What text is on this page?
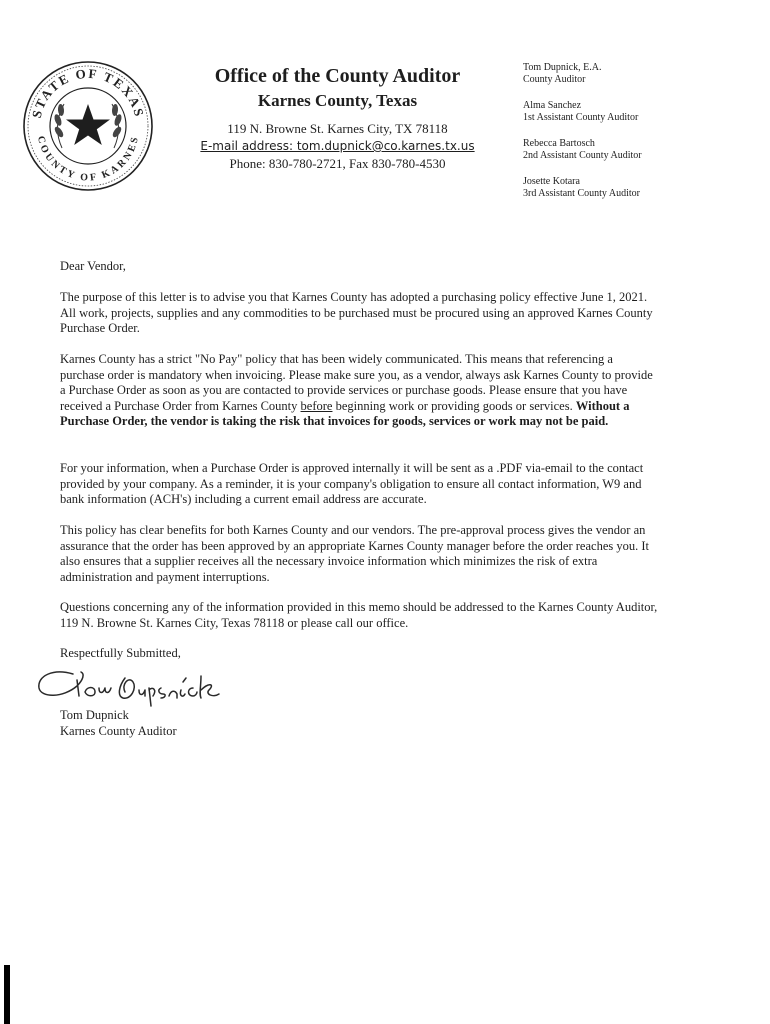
STATE OF TEXAS
COUNTY OF KARNES
Office of the County Auditor
Karnes County, Texas
119 N. Browne St. Karnes City, TX 78118
E-mail address: tom.dupnick@co.karnes.tx.us
Phone: 830-780-2721, Fax 830-780-4530
Tom Dupnick, E.A.
County Auditor
Alma Sanchez
1st Assistant County Auditor
Rebecca Bartosch
2nd Assistant County Auditor
Josette Kotara
3rd Assistant County Auditor

Dear Vendor,

The purpose of this letter is to advise you that Karnes County has adopted a purchasing policy effective June 1, 2021. All work, projects, supplies and any commodities to be purchased must be procured using an approved Karnes County Purchase Order.

Karnes County has a strict "No Pay" policy that has been widely communicated. This means that referencing a purchase order is mandatory when invoicing. Please make sure you, as a vendor, always ask Karnes County to provide a Purchase Order as soon as you are contacted to provide services or purchase goods. Please ensure that you have received a Purchase Order from Karnes County before beginning work or providing goods or services. Without a Purchase Order, the vendor is taking the risk that invoices for goods, services or work may not be paid.

For your information, when a Purchase Order is approved internally it will be sent as a .PDF via-email to the contact provided by your company. As a reminder, it is your company's obligation to ensure all contact information, W9 and bank information (ACH's) including a current email address are accurate.

This policy has clear benefits for both Karnes County and our vendors. The pre-approval process gives the vendor an assurance that the order has been approved by an appropriate Karnes County manager before the order reaches you. It also ensures that a supplier receives all the necessary invoice information which minimizes the risk of extra administration and payment interruptions.

Questions concerning any of the information provided in this memo should be addressed to the Karnes County Auditor, 119 N. Browne St. Karnes City, Texas 78118 or please call our office.

Respectfully Submitted,

Tom Dupnick
Tom Dupnick
Karnes County Auditor
